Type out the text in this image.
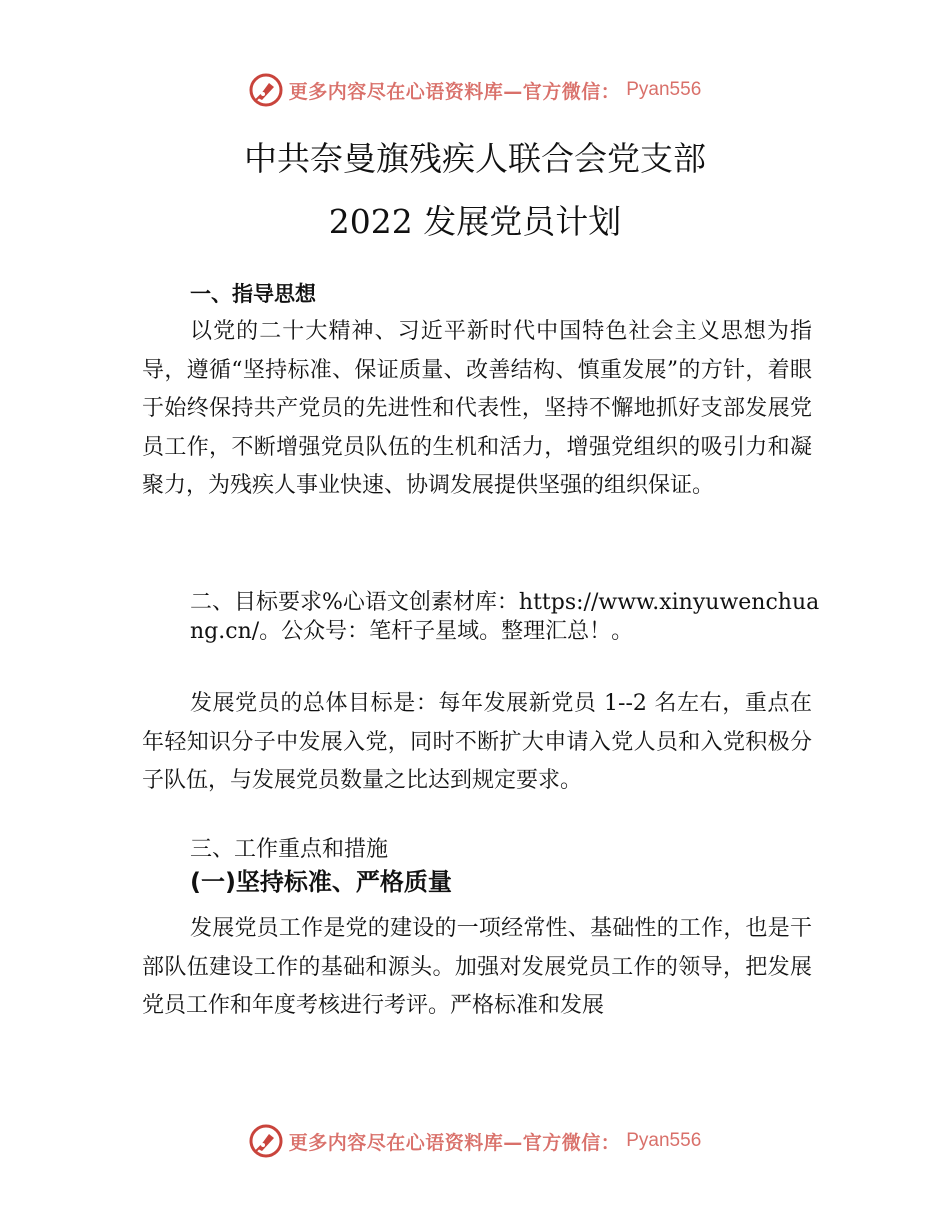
更多内容尽在心语资料库—官方微信： Pyan556
中共奈曼旗残疾人联合会党支部
2022 发展党员计划
一、指导思想

以党的二十大精神、习近平新时代中国特色社会主义思想为指导，遵循“坚持标准、保证质量、改善结构、慎重发展”的方针，着眼于始终保持共产党员的先进性和代表性，坚持不懈地抓好支部发展党员工作，不断增强党员队伍的生机和活力，增强党组织的吸引力和凝聚力，为残疾人事业快速、协调发展提供坚强的组织保证。

二、目标要求%心语文创素材库：https://www.xinyuwenchuang.cn/。公众号：笔杆子星域。整理汇总！。

发展党员的总体目标是：每年发展新党员 1--2 名左右，重点在年轻知识分子中发展入党，同时不断扩大申请入党人员和入党积极分子队伍，与发展党员数量之比达到规定要求。

三、工作重点和措施
(一)坚持标准、严格质量

发展党员工作是党的建设的一项经常性、基础性的工作，也是干部队伍建设工作的基础和源头。加强对发展党员工作的领导，把发展党员工作和年度考核进行考评。严格标准和发展

更多内容尽在心语资料库—官方微信： Pyan556
